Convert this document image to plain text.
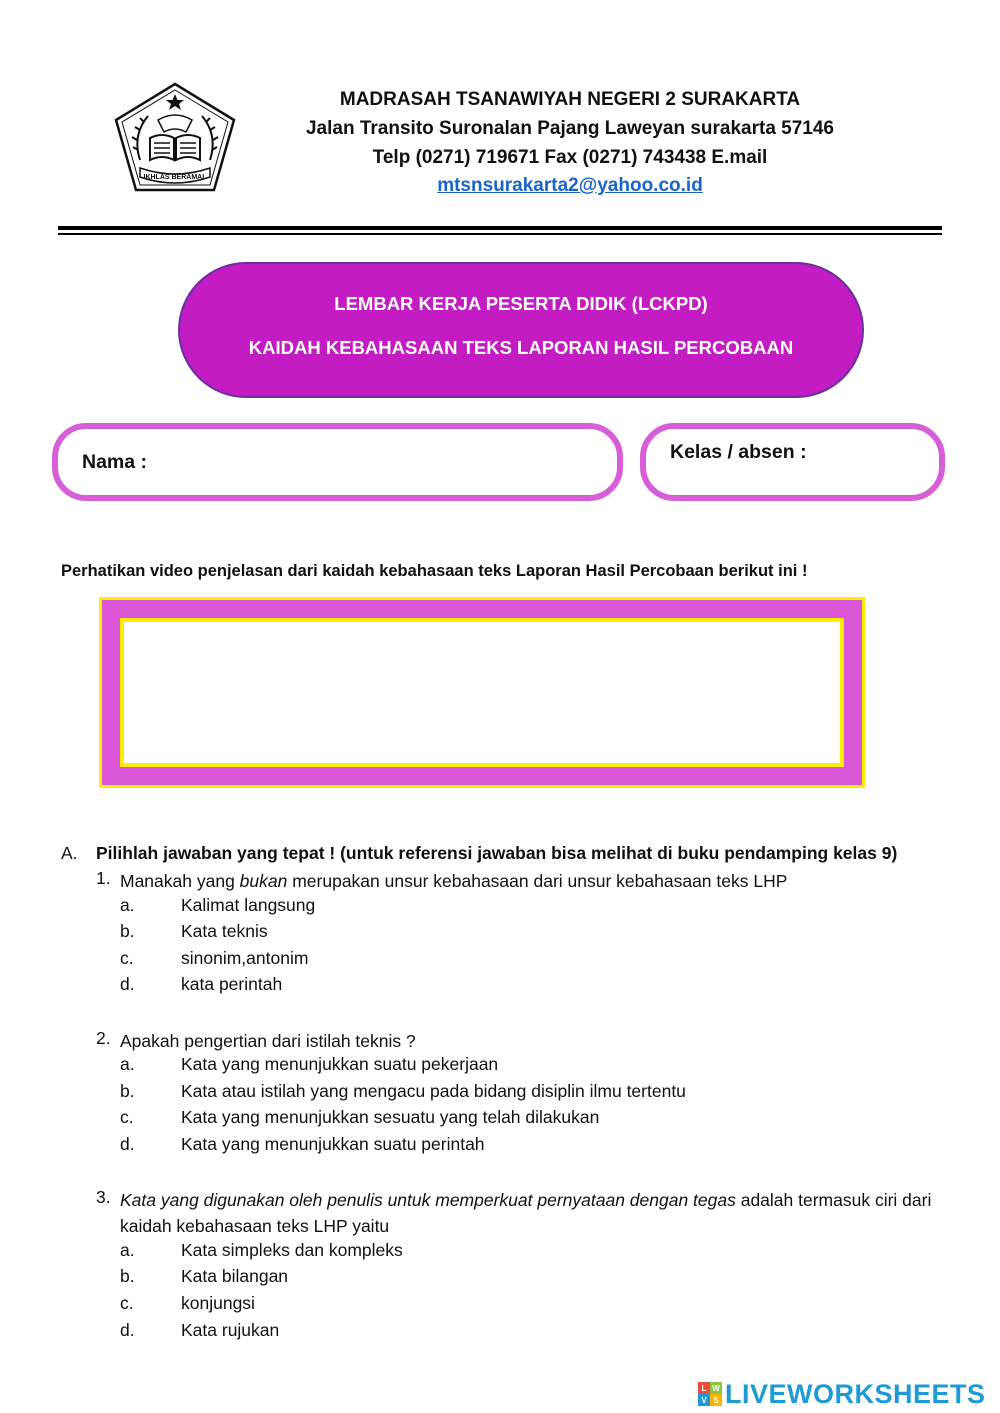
IKHLAS BERAMAL
MADRASAH TSANAWIYAH NEGERI 2 SURAKARTA
Jalan Transito Suronalan Pajang Laweyan surakarta 57146
Telp (0271) 719671 Fax (0271) 743438 E.mail
mtsnsurakarta2@yahoo.co.id
LEMBAR KERJA PESERTA DIDIK (LCKPD)
KAIDAH KEBAHASAAN TEKS LAPORAN HASIL PERCOBAAN
Nama :	Kelas / absen :
Perhatikan video penjelasan dari kaidah kebahasaan teks Laporan Hasil Percobaan berikut ini !
A. Pilihlah jawaban yang tepat ! (untuk referensi jawaban bisa melihat di buku pendamping kelas 9)
1. Manakah yang bukan merupakan unsur kebahasaan dari unsur kebahasaan teks LHP
a.	Kalimat langsung
b.	Kata teknis
c.	sinonim,antonim
d.	kata perintah
2. Apakah pengertian dari istilah teknis ?
a.	Kata yang menunjukkan suatu pekerjaan
b.	Kata atau istilah yang mengacu pada bidang disiplin ilmu tertentu
c.	Kata yang menunjukkan sesuatu yang telah dilakukan
d.	Kata yang menunjukkan suatu perintah
3. Kata yang digunakan oleh penulis untuk memperkuat pernyataan dengan tegas adalah termasuk ciri dari kaidah kebahasaan teks LHP yaitu
a.	Kata simpleks dan kompleks
b.	Kata bilangan
c.	konjungsi
d.	Kata rujukan
L W
V S LIVEWORKSHEETS
